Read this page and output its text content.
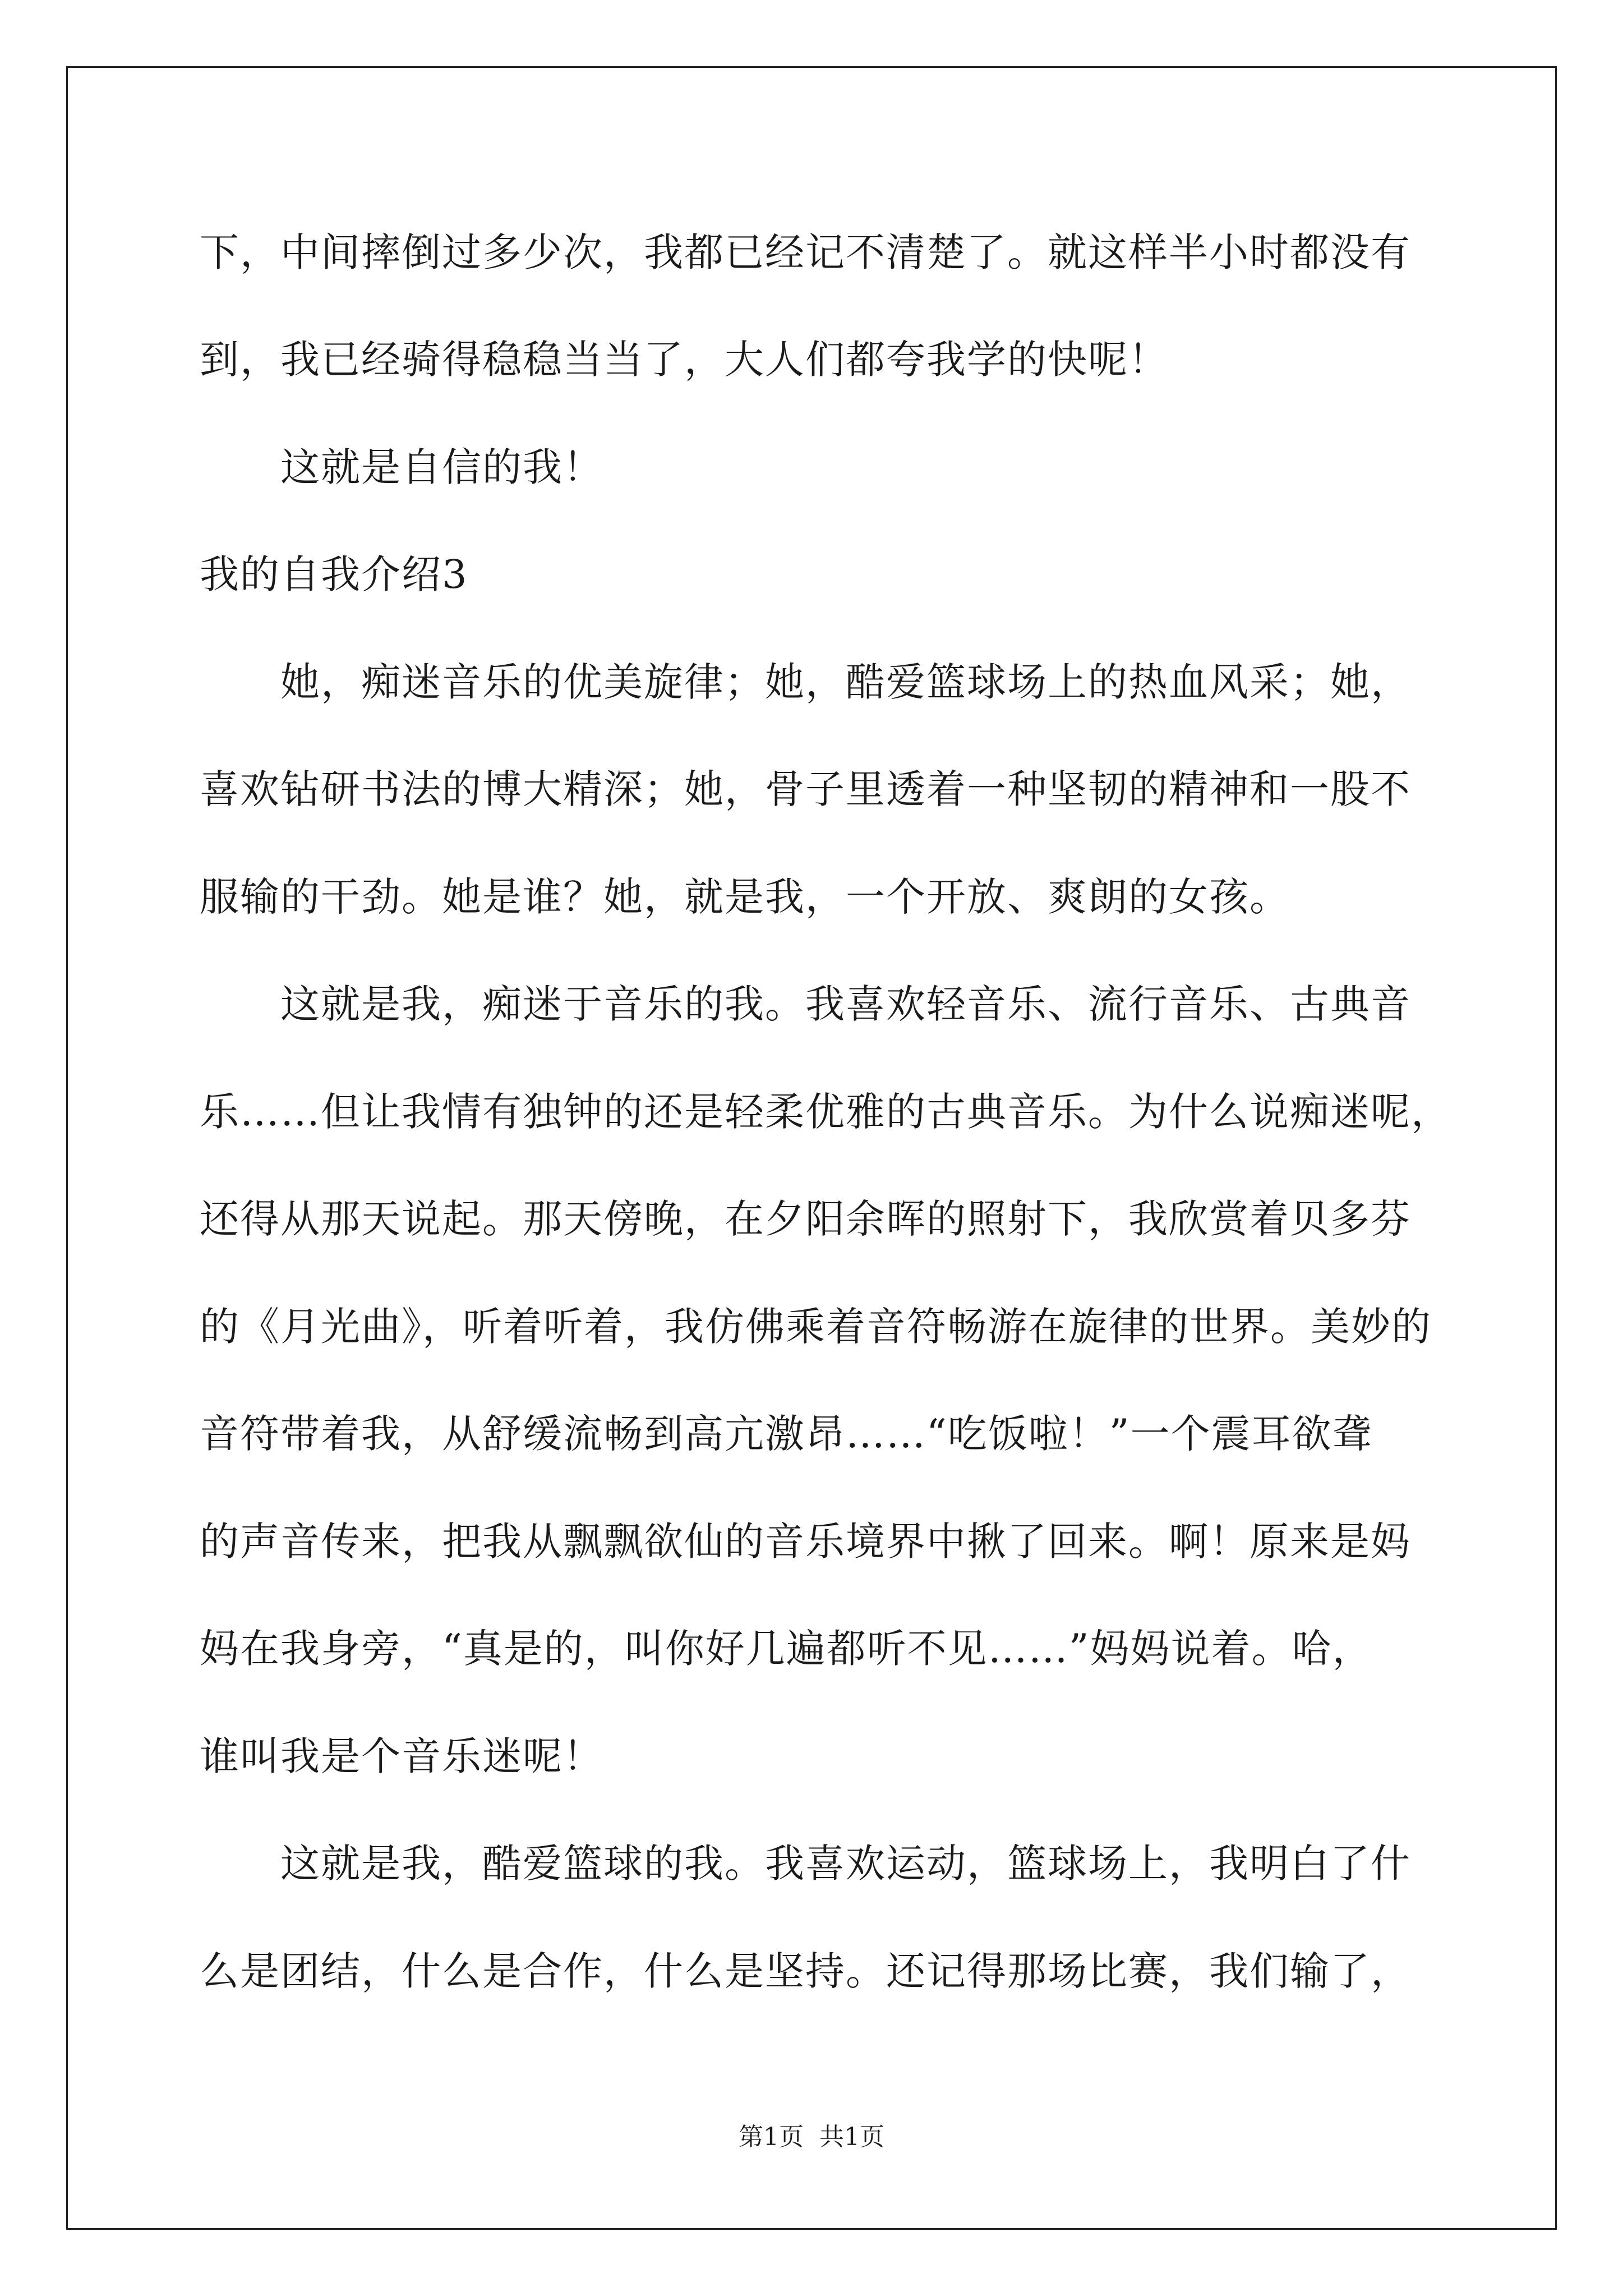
下，中间摔倒过多少次，我都已经记不清楚了。就这样半小时都没有
到，我已经骑得稳稳当当了，大人们都夸我学的快呢！
　　这就是自信的我！
我的自我介绍3
　　她，痴迷音乐的优美旋律；她，酷爱篮球场上的热血风采；她，
喜欢钻研书法的博大精深；她，骨子里透着一种坚韧的精神和一股不
服输的干劲。她是谁？她，就是我，一个开放、爽朗的女孩。
　　这就是我，痴迷于音乐的我。我喜欢轻音乐、流行音乐、古典音
乐……但让我情有独钟的还是轻柔优雅的古典音乐。为什么说痴迷呢，
还得从那天说起。那天傍晚，在夕阳余晖的照射下，我欣赏着贝多芬
的《月光曲》，听着听着，我仿佛乘着音符畅游在旋律的世界。美妙的
音符带着我，从舒缓流畅到高亢激昂……“吃饭啦！”一个震耳欲聋
的声音传来，把我从飘飘欲仙的音乐境界中揪了回来。啊！原来是妈
妈在我身旁，“真是的，叫你好几遍都听不见……”妈妈说着。哈，
谁叫我是个音乐迷呢！
　　这就是我，酷爱篮球的我。我喜欢运动，篮球场上，我明白了什
么是团结，什么是合作，什么是坚持。还记得那场比赛，我们输了，
第1页 共1页
